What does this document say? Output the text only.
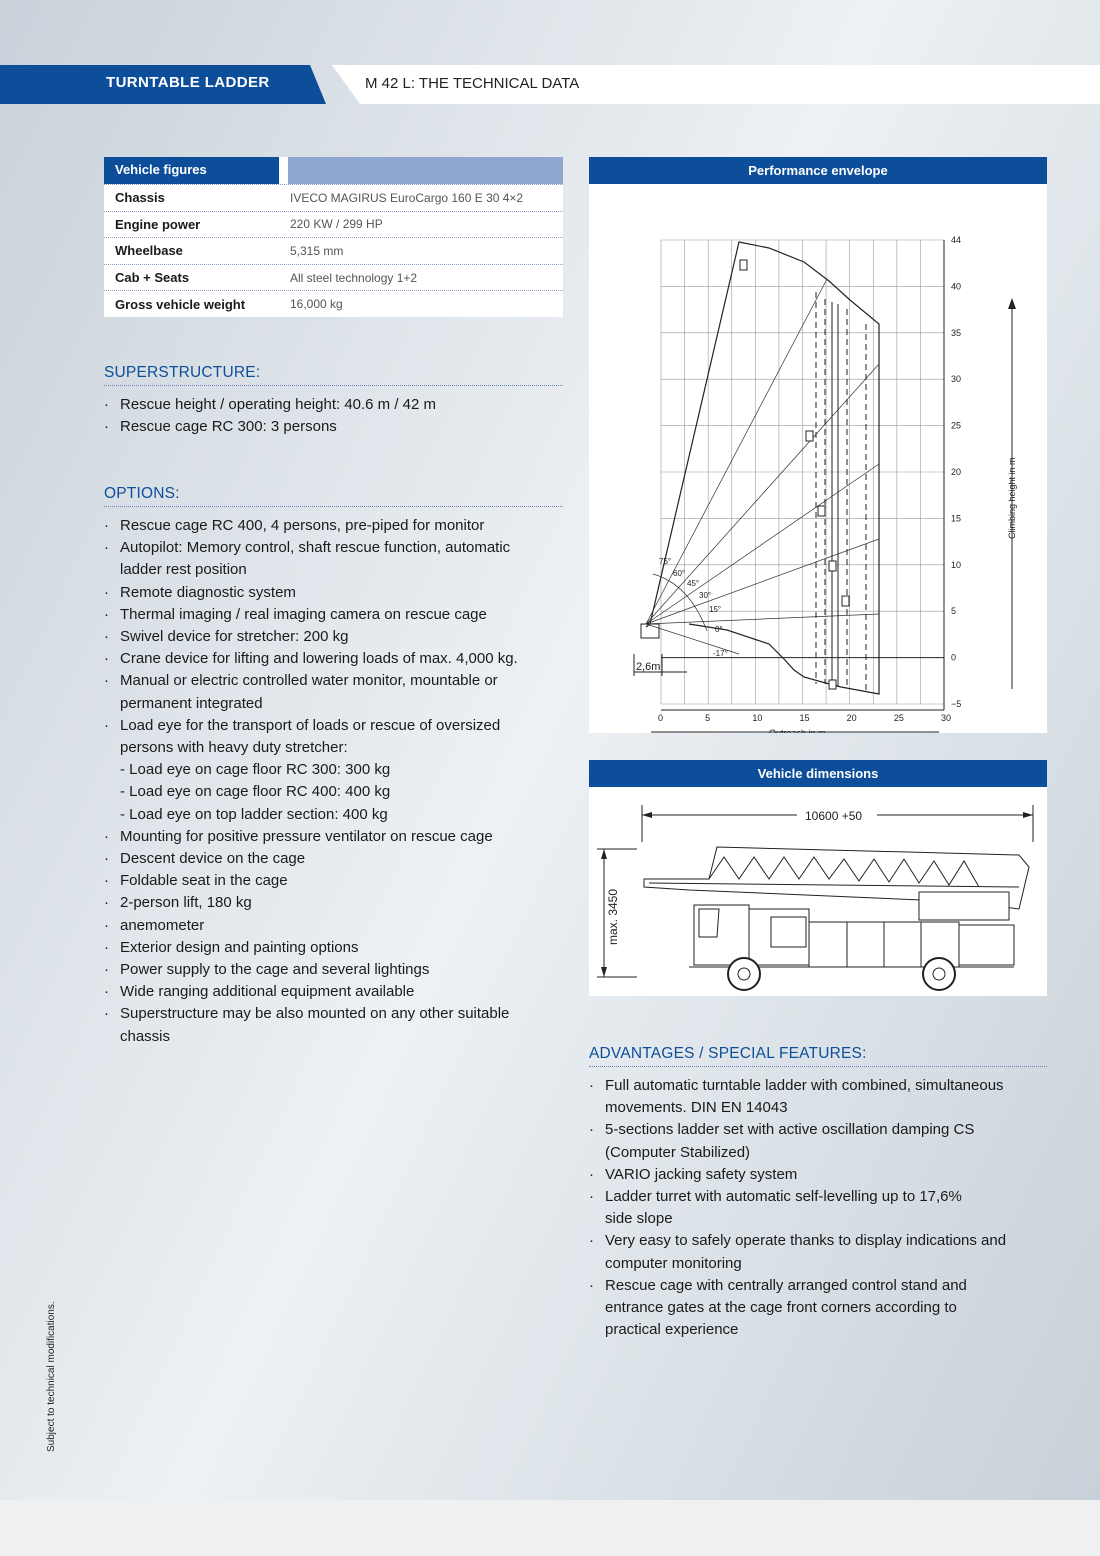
TURNTABLE LADDER	M 42 L: THE TECHNICAL DATA
Vehicle figures
Chassis	IVECO MAGIRUS EuroCargo 160 E 30 4×2
Engine power	220 KW / 299 HP
Wheelbase	5,315 mm
Cab + Seats	All steel technology 1+2
Gross vehicle weight	16,000 kg
SUPERSTRUCTURE:
· Rescue height / operating height: 40.6 m / 42 m
· Rescue cage RC 300: 3 persons
OPTIONS:
· Rescue cage RC 400, 4 persons, pre-piped for monitor
· Autopilot: Memory control, shaft rescue function, automatic
ladder rest position
· Remote diagnostic system
· Thermal imaging / real imaging camera on rescue cage
· Swivel device for stretcher: 200 kg
· Crane device for lifting and lowering loads of max. 4,000 kg.
· Manual or electric controlled water monitor, mountable or
permanent integrated
· Load eye for the transport of loads or rescue of oversized
persons with heavy duty stretcher:
- Load eye on cage floor RC 300: 300 kg
- Load eye on cage floor RC 400: 400 kg
- Load eye on top ladder section: 400 kg
· Mounting for positive pressure ventilator on rescue cage
· Descent device on the cage
· Foldable seat in the cage
· 2-person lift, 180 kg
· anemometer
· Exterior design and painting options
· Power supply to the cage and several lightings
· Wide ranging additional equipment available
· Superstructure may be also mounted on any other suitable
chassis
Performance envelope
0	5	10	15	20	25	30
44
40
35
30
25
20
15
10
5
0
−5
2,6m
75°
60°
45°
30°
15°
0°
-17°
Outreach in m
Climbing height in m
Vehicle dimensions
10600 +50
max. 3450
ADVANTAGES / SPECIAL FEATURES:
· Full automatic turntable ladder with combined, simultaneous
movements. DIN EN 14043
· 5-sections ladder set with active oscillation damping CS
(Computer Stabilized)
· VARIO jacking safety system
· Ladder turret with automatic self-levelling up to 17,6%
side slope
· Very easy to safely operate thanks to display indications and
computer monitoring
· Rescue cage with centrally arranged control stand and
entrance gates at the cage front corners according to
practical experience
Subject to technical modifications.
